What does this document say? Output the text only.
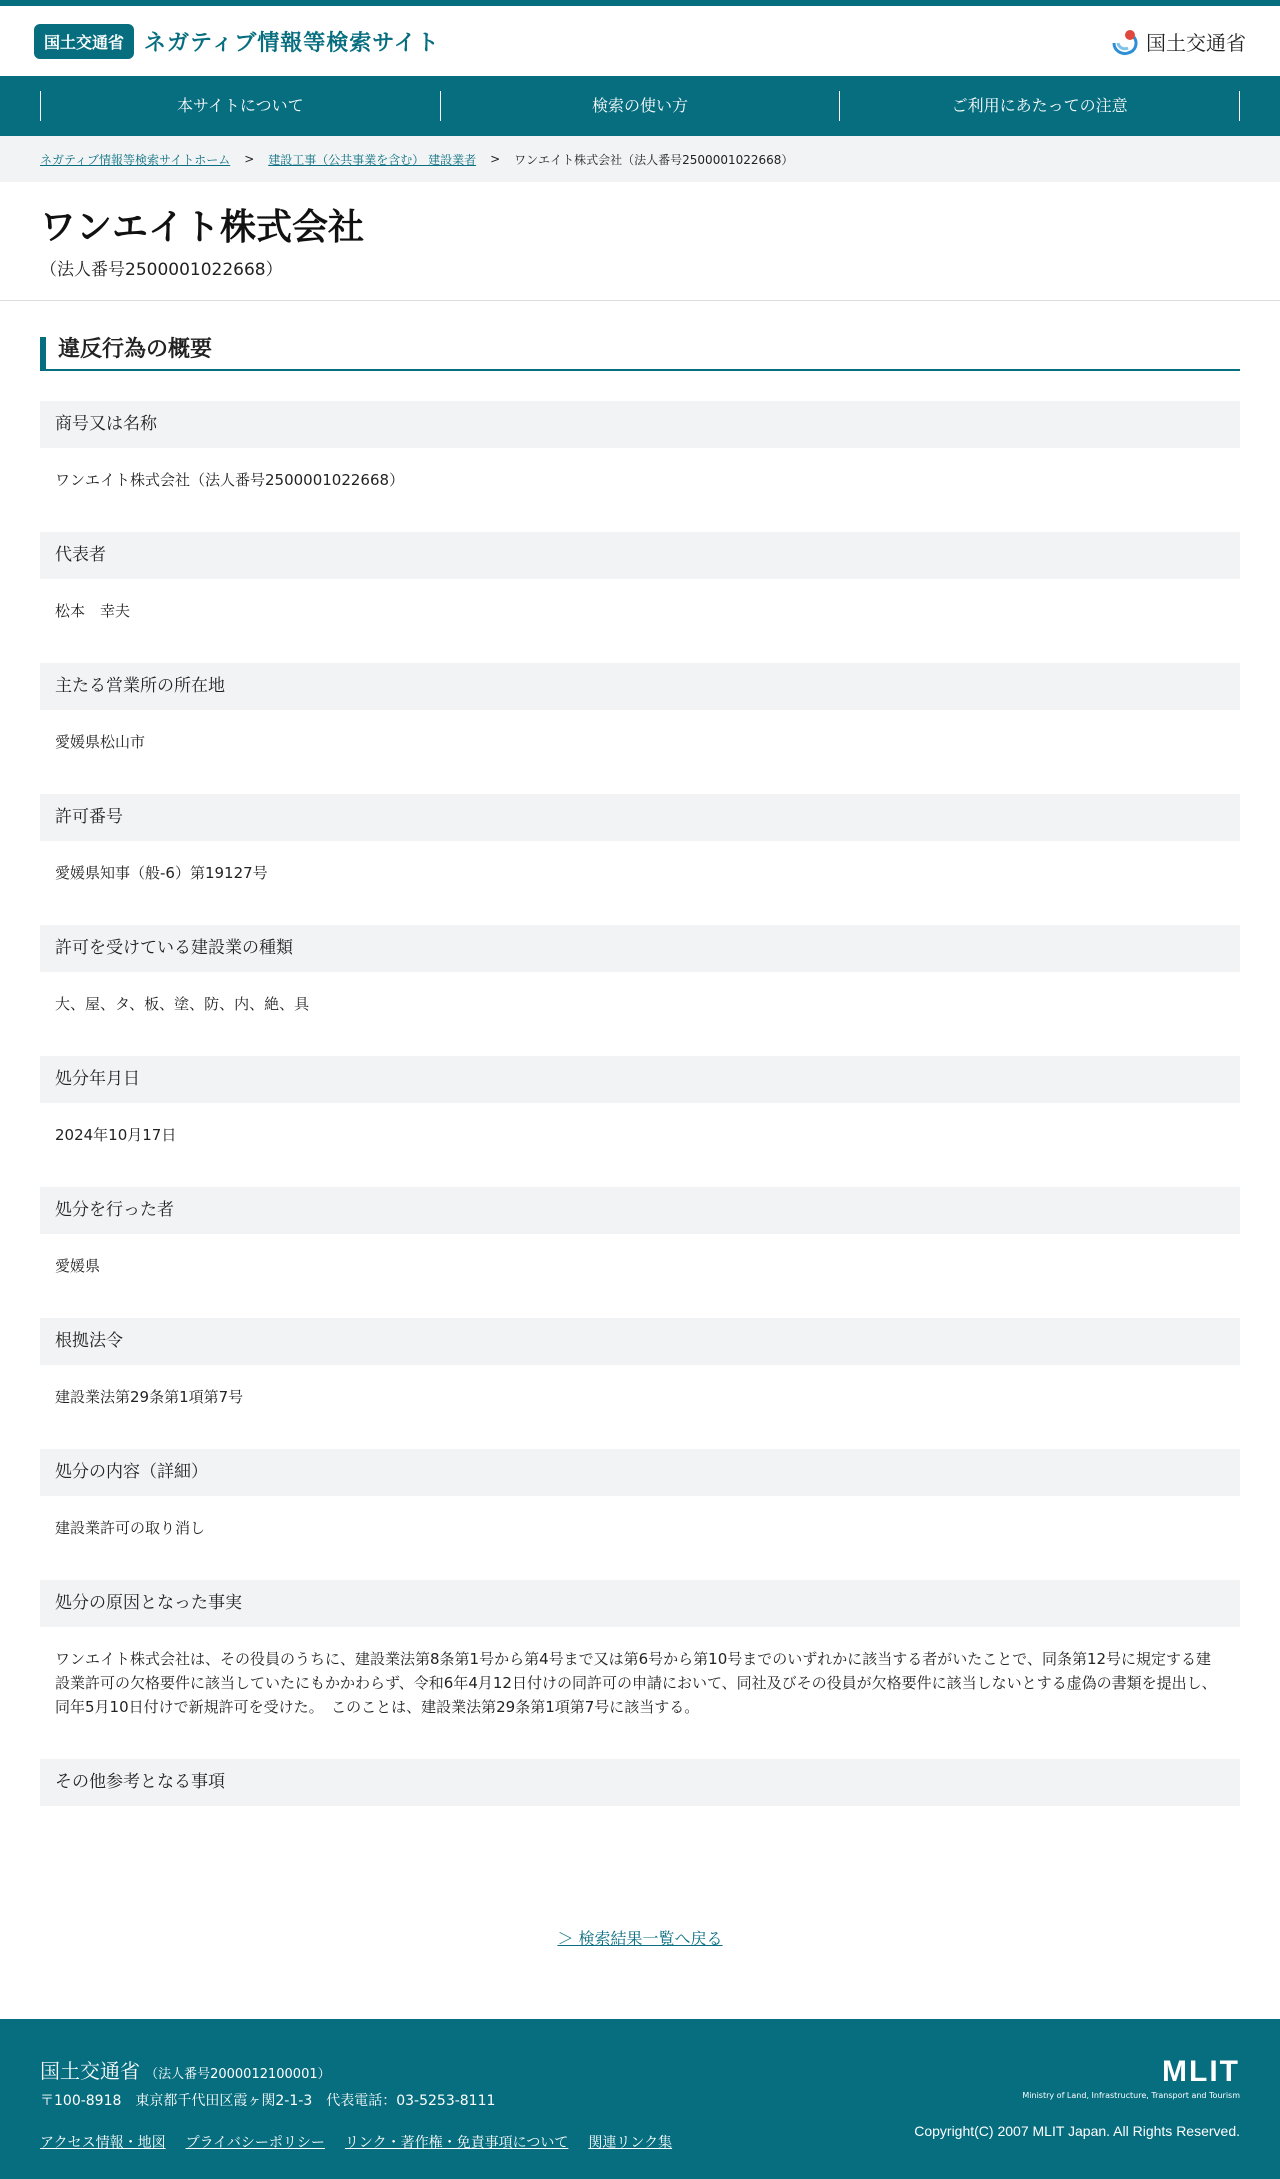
国土交通省 ネガティブ情報等検索サイト	国土交通省
本サイトについて	検索の使い方	ご利用にあたっての注意
ネガティブ情報等検索サイトホーム > 建設工事（公共事業を含む） 建設業者 > ワンエイト株式会社（法人番号2500001022668）
ワンエイト株式会社
（法人番号2500001022668）
違反行為の概要
商号又は名称
ワンエイト株式会社（法人番号2500001022668）
代表者
松本　幸夫
主たる営業所の所在地
愛媛県松山市
許可番号
愛媛県知事（般-6）第19127号
許可を受けている建設業の種類
大、屋、タ、板、塗、防、内、絶、具
処分年月日
2024年10月17日
処分を行った者
愛媛県
根拠法令
建設業法第29条第1項第7号
処分の内容（詳細）
建設業許可の取り消し
処分の原因となった事実
ワンエイト株式会社は、その役員のうちに、建設業法第8条第1号から第4号まで又は第6号から第10号までのいずれかに該当する者がいたことで、同条第12号に規定する建設業許可の欠格要件に該当していたにもかかわらず、令和6年4月12日付けの同許可の申請において、同社及びその役員が欠格要件に該当しないとする虚偽の書類を提出し、同年5月10日付けで新規許可を受けた。　このことは、建設業法第29条第1項第7号に該当する。
その他参考となる事項
＞ 検索結果一覧へ戻る
国土交通省 （法人番号2000012100001）
〒100-8918　東京都千代田区霞ヶ関2-1-3　代表電話：03-5253-8111
アクセス情報・地図 プライバシーポリシー リンク・著作権・免責事項について 関連リンク集
MLIT
Ministry of Land, Infrastructure, Transport and Tourism
Copyright(C) 2007 MLIT Japan. All Rights Reserved.
